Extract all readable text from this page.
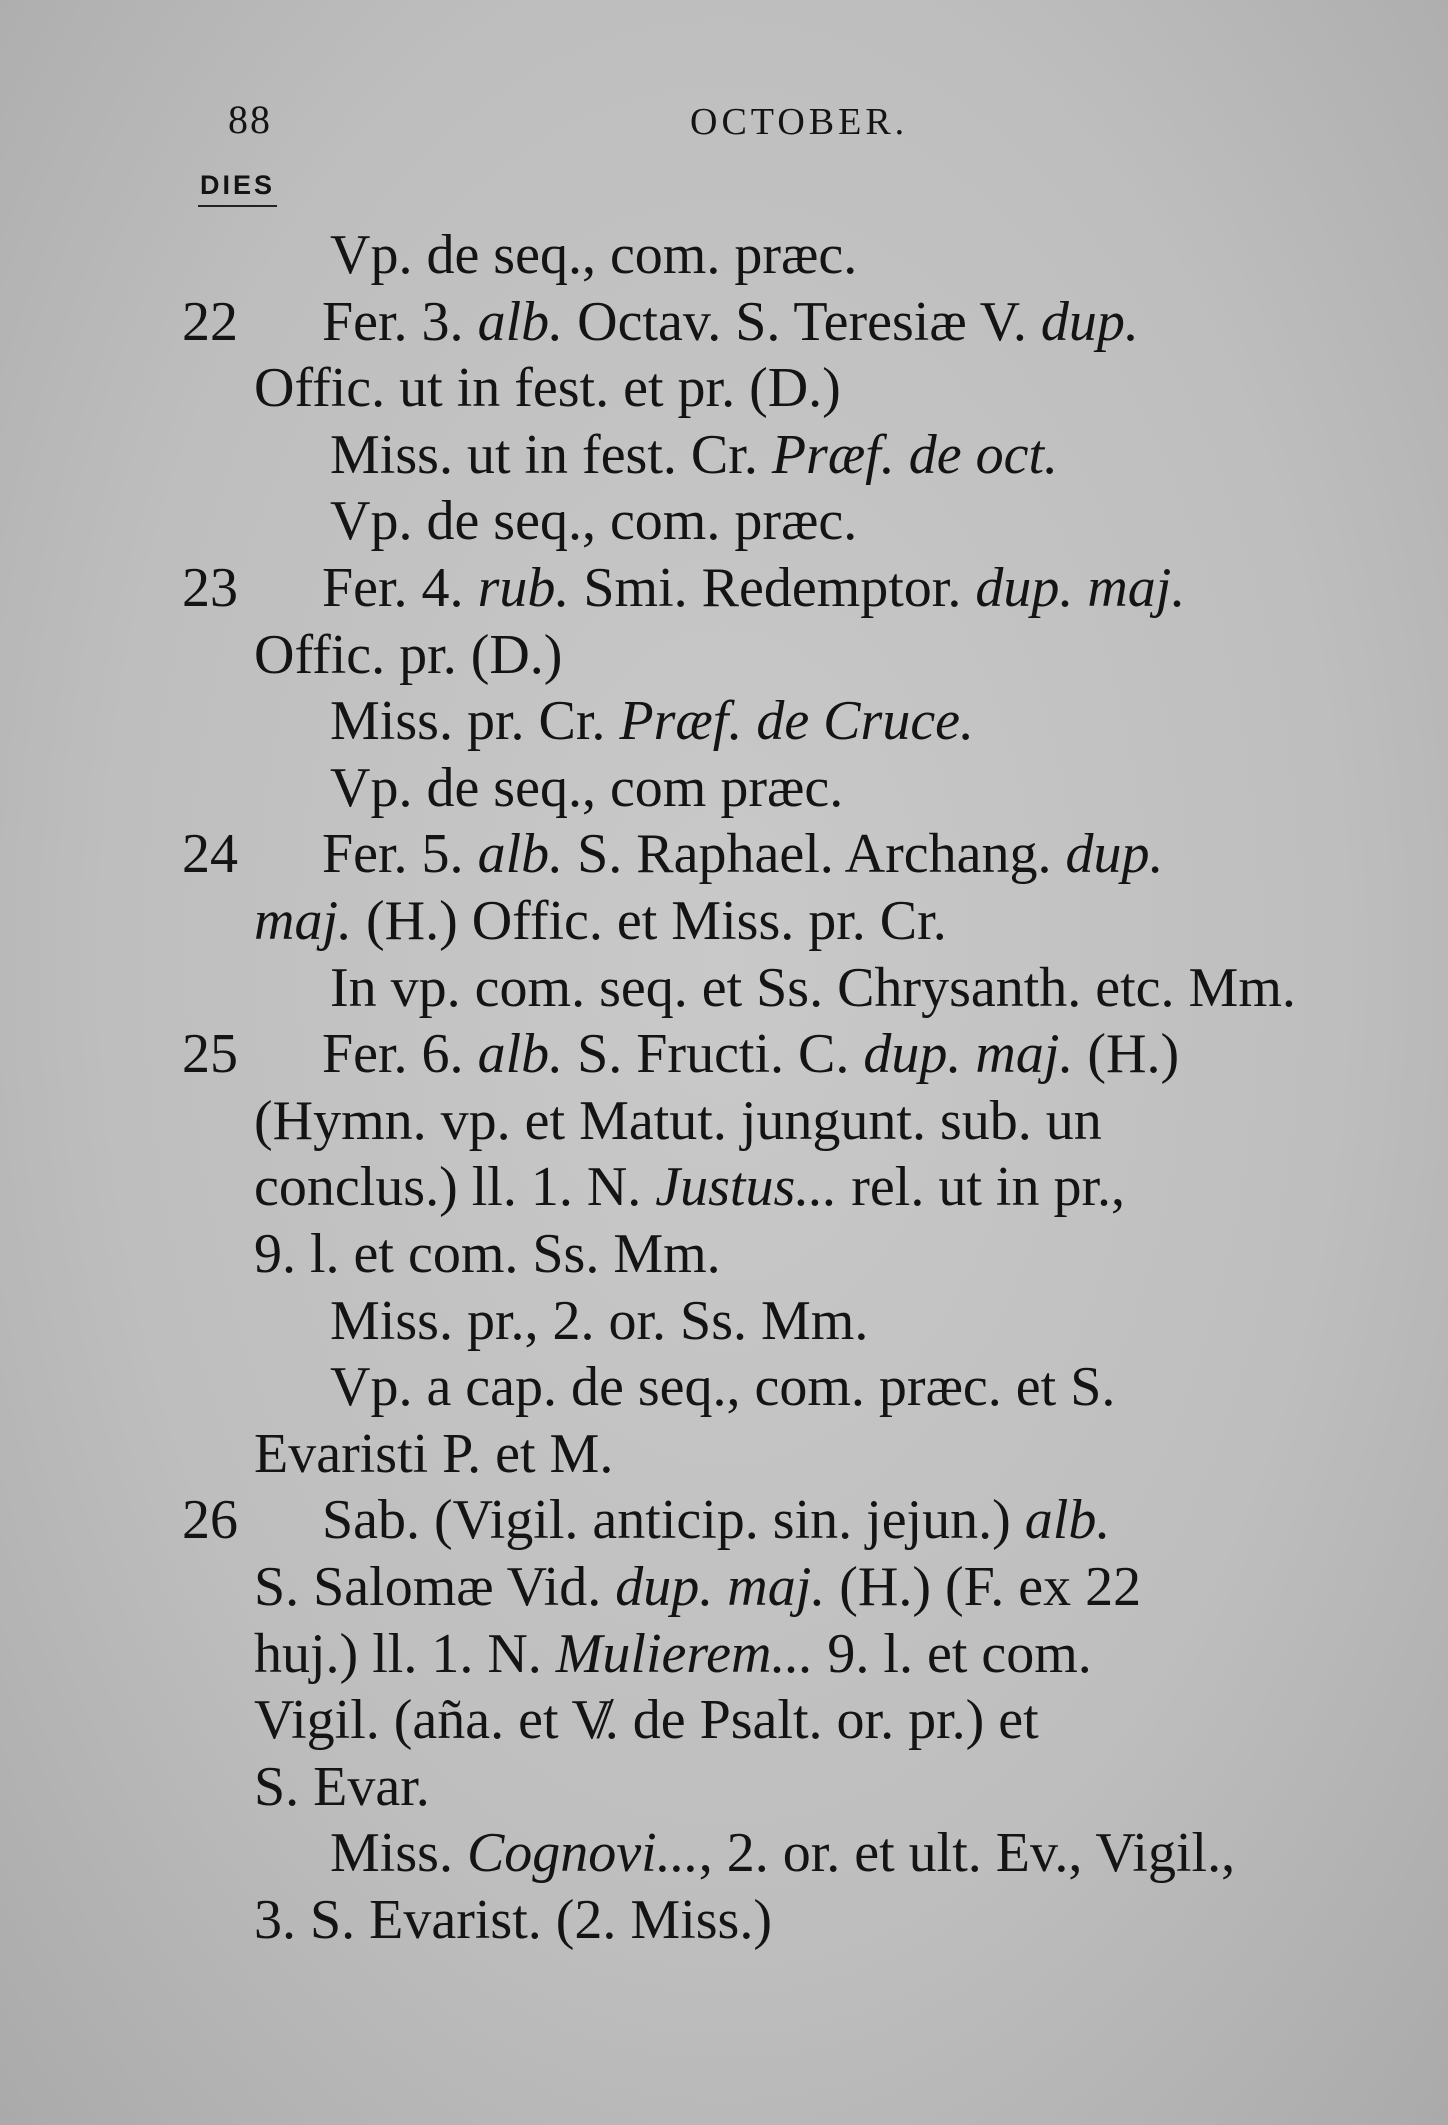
88	OCTOBER.
DIES
Vp. de seq., com. præc.
22 Fer. 3. alb. Octav. S. Teresiæ V. dup.
Offic. ut in fest. et pr. (D.)
Miss. ut in fest. Cr. Præf. de oct.
Vp. de seq., com. præc.
23 Fer. 4. rub. Smi. Redemptor. dup. maj.
Offic. pr. (D.)
Miss. pr. Cr. Præf. de Cruce.
Vp. de seq., com præc.
24 Fer. 5. alb. S. Raphael. Archang. dup.
maj. (H.) Offic. et Miss. pr. Cr.
In vp. com. seq. et Ss. Chrysanth. etc. Mm.
25 Fer. 6. alb. S. Fructi. C. dup. maj. (H.)
(Hymn. vp. et Matut. jungunt. sub. un
conclus.) ll. 1. N. Justus... rel. ut in pr.,
9. l. et com. Ss. Mm.
Miss. pr., 2. or. Ss. Mm.
Vp. a cap. de seq., com. præc. et S.
Evaristi P. et M.
26 Sab. (Vigil. anticip. sin. jejun.) alb.
S. Salomæ Vid. dup. maj. (H.) (F. ex 22
huj.) ll. 1. N. Mulierem... 9. l. et com.
Vigil. (aña. et V̸. de Psalt. or. pr.) et
S. Evar.
Miss. Cognovi..., 2. or. et ult. Ev., Vigil.,
3. S. Evarist. (2. Miss.)
